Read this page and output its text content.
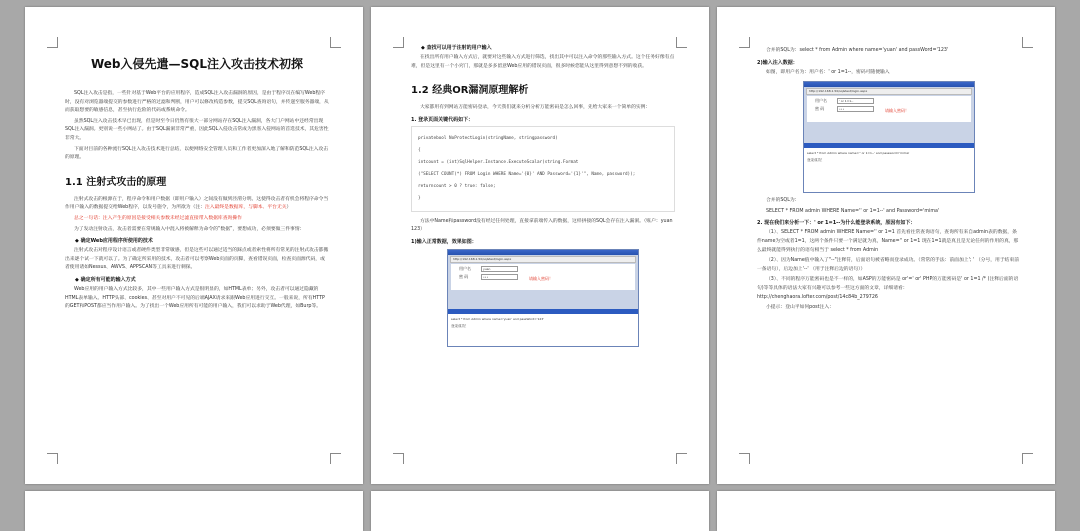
Web入侵先遣—SQL注入攻击技术初探

SQL注入攻击是指，一些针对基于Web平台的应用程序，造成SQL注入攻击漏洞的原因，是由于程序员在编写Web程序时，没有对浏览器端提交的参数进行严格的过滤和判断，用户可以修改构造参数，提交SQL查询语句，并传递至服务器端，从而获取想要的敏感信息，甚至执行危险的代码或系统命令。

虽然SQL注入攻击技术早已出现，但是时至今日仍然有很大一部分网站存在SQL注入漏洞，各大门户网站中还经常出现SQL注入漏洞。更别说一些小网站了。由于SQL漏洞非常严重，因此SQL入侵攻击常成为黑客入侵网站的首选技术，其危害性非常大。

下面对目前的各种流行SQL注入攻击技术进行总结，以便网络安全管理人员和工作者更加深入地了解和防范SQL注入攻击的原理。

1.1 注射式攻击的原理

注射式攻击的根源在于，程序命令和用户数据（即用户输入）之间没有做到泾渭分明。这使得攻击者有机会将程序命令当作用户输入的数据提交给Web程序，以发号施令，为所欲为（注：注入最终是数据库，与脚本、平台无关）

总之一句话：注入产生的原因是接受相关参数未经过滤直接带入数据库查询操作

为了发动注射攻击，攻击者需要在常规输入中混入将被解释为命令的“数据”，要想成功，必须要做三件事情：

◆ 确定Web应用程序所使用的技术

注射式攻击对程序设计语言或者硬件类型非常敏感，但是这些可以通过适当的踩点或者索性将所有常见的注射式攻击都搬出来逐个试一下就可以了。为了确定所采用的技术，攻击者可以考察Web页面的页脚，查看错误页面，检查页面源代码，或者使用诸如Nessus、AWVS、APPSCAN等工具来进行刺探。

◆ 确定所有可能的输入方式

Web应用的用户输入方式比较多，其中一些用户输入方式是很明显的，如HTML表单；另外，攻击者可以通过隐藏的HTML表单输入、HTTP头部、cookies、甚至对用户不可见的后端AJAX请求来跟Web应用进行交互。一般来说，所有HTTP的GET和POST都应当作用户输入。为了找出一个Web应用所有可能的用户输入，我们可以求助于Web代理，如Burp等。

◆ 查找可以用于注射的用户输入

在找出所有用户输入方式后，就要对这些输入方式进行筛选，找出其中可以注入命令的那些输入方式。这个任务好像有点难，但是这里有一个小窍门，那就是多多留意Web应用的错误页面，很多时候您能从这里得到意想不到的收获。

1.2 经典OR漏洞原理解析

大家都用有到网站万能密码登录，今天我们就来分析分析万能密码是怎么回事，先给大家来一个简单的实例：

1. 登录页面关键代码如下：
privatebool NoProtectLogin(stringName, stringpassword)
{
intcount = (int)SqlHelper.Instance.ExecuteScalar(string.Format
("SELECT COUNT(*) FROM Login WHERE Name='{0}' AND Password='{1}'", Name, password));
returncount > 0 ? true: false;
}

方法中Name和password没有经过任何处理，直接拿前端传入的数据，这样拼接的SQL会存在注入漏洞。（账户：yuan 123）

1)输入正常数据，效果如图：
http://192.168.1.50/sqlstest/login.aspx
用户名	yuan
密 码	•••	请输入密码！
select * from Admin where name='yuan' and passWord='123'
登录成功！

合并的SQL为：select * from Admin where name='yuan' and passWord='123'

2)输入注入数据：

如图，即用户名为：用户名：' or 1=1--，密码可随便输入

http://192.168.1.50/sqlstest/login.aspx
用户名	' or 1=1--
密 码	•••	请输入密码！
select * from Admin where name='' or 1=1--' and password='mima'
登录成功！

合并的SQL为：

SELECT * FROM admin WHERE Name='' or 1=1--' and Password='mima'

2. 现在我们来分析一下：' or 1=1--为什么能登录系统，原因有如下：

（1）、SELECT * FROM admin WHERE Name='' or 1=1 首先看往常查询语句，查询所有来自admin表的数据，条件name为空或者1=1，这两个条件只要一个满足就为真，Name='' or 1=1 现在1=1就是真且是无论任何的作用的真，那么最终就能得到执行的语句相当于 select * from Admin

（2）、因为Name值中输入了"--"注释符，后面语句被省略而登录成功。（常常的手法：前面加上'; ' （分号，用于结束前一条语句），后边加上'--' （用于注释后边的语句））

（3）、不同的程序万能密码也是不一样的，如ASP的万能密码是 or'=' or' PHP的万能密码是' or 1=1 /* (注释后面的语句)等等具体的语法大家有兴趣可以参考一些这方面的文章，详细请看：http://chenghaora.lofter.com/post/14c84b_279726

小提示：登山平如何post注入：
